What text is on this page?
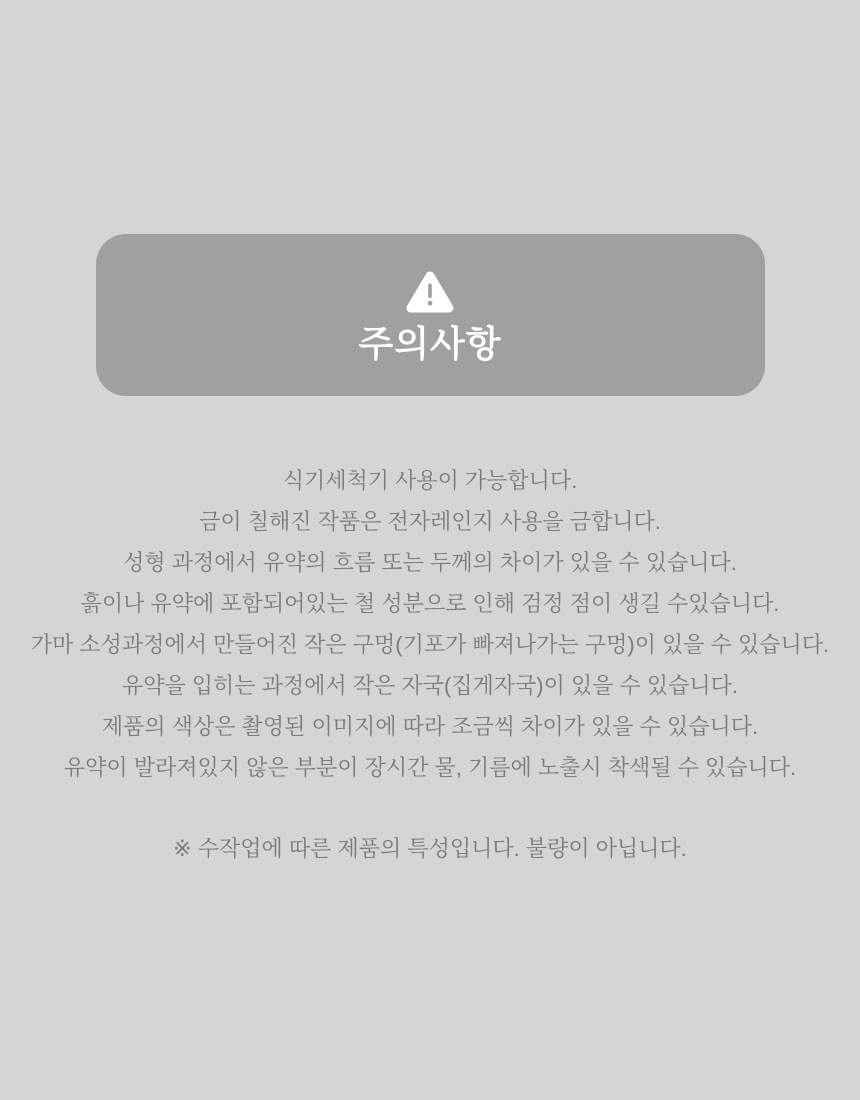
주의사항

식기세척기 사용이 가능합니다.

금이 칠해진 작품은 전자레인지 사용을 금합니다.

성형 과정에서 유약의 흐름 또는 두께의 차이가 있을 수 있습니다.

흙이나 유약에 포함되어있는 철 성분으로 인해 검정 점이 생길 수있습니다.

가마 소성과정에서 만들어진 작은 구멍(기포가 빠져나가는 구멍)이 있을 수 있습니다.

유약을 입히는 과정에서 작은 자국(집게자국)이 있을 수 있습니다.

제품의 색상은 촬영된 이미지에 따라 조금씩 차이가 있을 수 있습니다.

유약이 발라져있지 않은 부분이 장시간 물, 기름에 노출시 착색될 수 있습니다.

※ 수작업에 따른 제품의 특성입니다. 불량이 아닙니다.
